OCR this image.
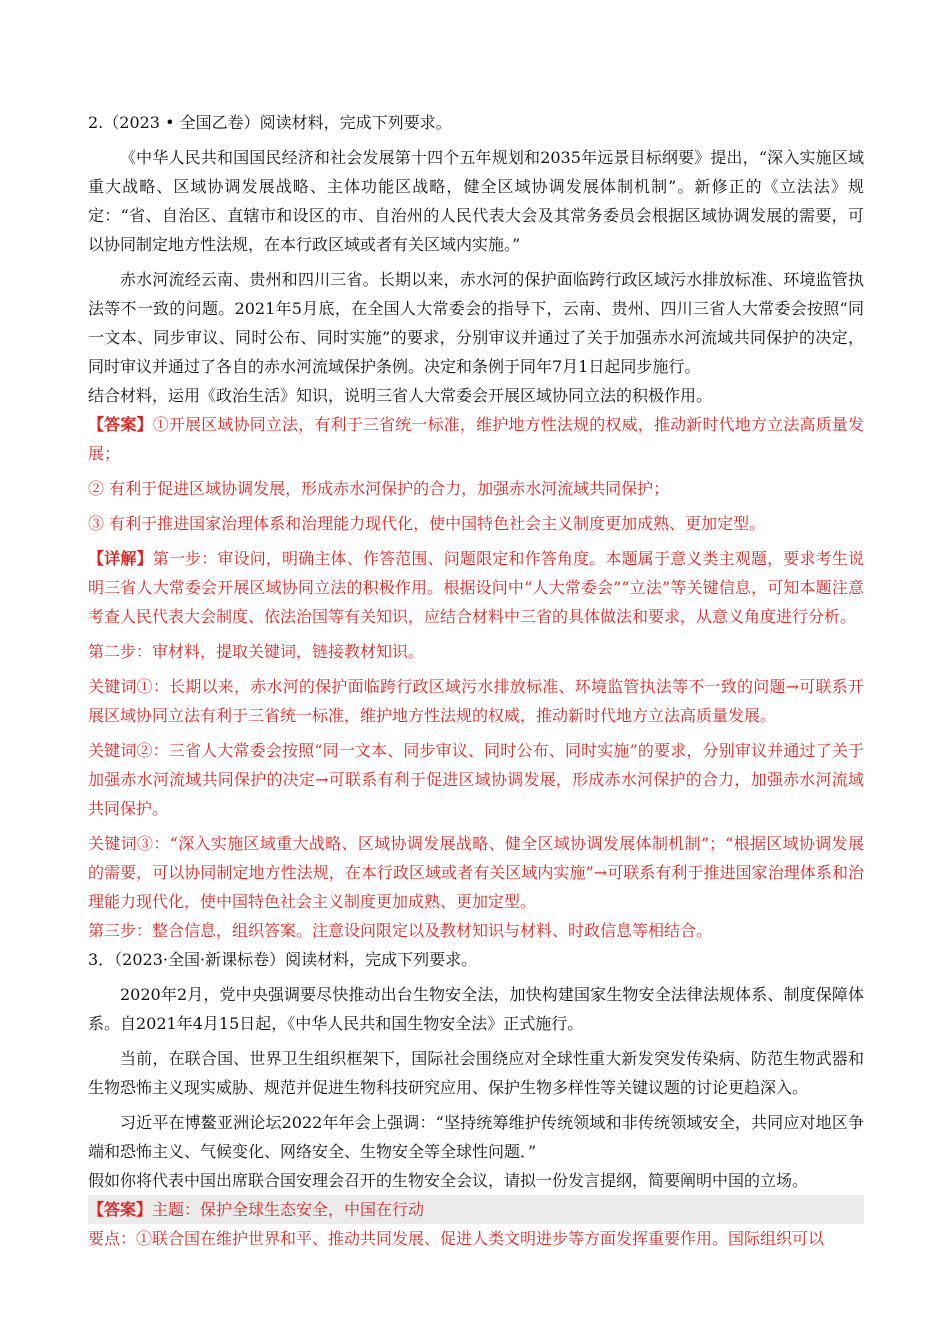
2.（2023 • 全国乙卷）阅读材料，完成下列要求。

《中华人民共和国国民经济和社会发展第十四个五年规划和2035年远景目标纲要》提出，“深入实施区域重大战略、区域协调发展战略、主体功能区战略，健全区域协调发展体制机制”。新修正的《立法法》规定：“省、自治区、直辖市和设区的市、自治州的人民代表大会及其常务委员会根据区域协调发展的需要，可以协同制定地方性法规，在本行政区域或者有关区域内实施。”

赤水河流经云南、贵州和四川三省。长期以来，赤水河的保护面临跨行政区域污水排放标准、环境监管执法等不一致的问题。2021年5月底，在全国人大常委会的指导下，云南、贵州、四川三省人大常委会按照“同一文本、同步审议、同时公布、同时实施”的要求，分别审议并通过了关于加强赤水河流域共同保护的决定，同时审议并通过了各自的赤水河流域保护条例。决定和条例于同年7月1日起同步施行。

结合材料，运用《政治生活》知识，说明三省人大常委会开展区域协同立法的积极作用。

【答案】①开展区域协同立法，有利于三省统一标准，维护地方性法规的权威，推动新时代地方立法高质量发展；

② 有利于促进区域协调发展，形成赤水河保护的合力，加强赤水河流域共同保护；

③ 有利于推进国家治理体系和治理能力现代化，使中国特色社会主义制度更加成熟、更加定型。

【详解】第一步：审设问，明确主体、作答范围、问题限定和作答角度。本题属于意义类主观题，要求考生说明三省人大常委会开展区域协同立法的积极作用。根据设问中“人大常委会”“立法”等关键信息，可知本题注意考查人民代表大会制度、依法治国等有关知识，应结合材料中三省的具体做法和要求，从意义角度进行分析。

第二步：审材料，提取关键词，链接教材知识。

关键词①：长期以来，赤水河的保护面临跨行政区域污水排放标准、环境监管执法等不一致的问题→可联系开展区域协同立法有利于三省统一标准，维护地方性法规的权威，推动新时代地方立法高质量发展。

关键词②：三省人大常委会按照“同一文本、同步审议、同时公布、同时实施”的要求，分别审议并通过了关于加强赤水河流域共同保护的决定→可联系有利于促进区域协调发展，形成赤水河保护的合力，加强赤水河流域共同保护。

关键词③：“深入实施区域重大战略、区域协调发展战略、健全区域协调发展体制机制”；“根据区域协调发展的需要，可以协同制定地方性法规，在本行政区域或者有关区域内实施”→可联系有利于推进国家治理体系和治理能力现代化，使中国特色社会主义制度更加成熟、更加定型。

第三步：整合信息，组织答案。注意设问限定以及教材知识与材料、时政信息等相结合。

3．（2023·全国·新课标卷）阅读材料，完成下列要求。

2020年2月，党中央强调要尽快推动出台生物安全法，加快构建国家生物安全法律法规体系、制度保障体系。自2021年4月15日起，《中华人民共和国生物安全法》正式施行。

当前，在联合国、世界卫生组织框架下，国际社会围绕应对全球性重大新发突发传染病、防范生物武器和生物恐怖主义现实威胁、规范并促进生物科技研究应用、保护生物多样性等关键议题的讨论更趋深入。

习近平在博鳌亚洲论坛2022年年会上强调：“坚持统筹维护传统领域和非传统领域安全，共同应对地区争端和恐怖主义、气候变化、网络安全、生物安全等全球性问题．”

假如你将代表中国出席联合国安理会召开的生物安全会议，请拟一份发言提纲，简要阐明中国的立场。

【答案】主题：保护全球生态安全，中国在行动

要点：①联合国在维护世界和平、推动共同发展、促进人类文明进步等方面发挥重要作用。国际组织可以
